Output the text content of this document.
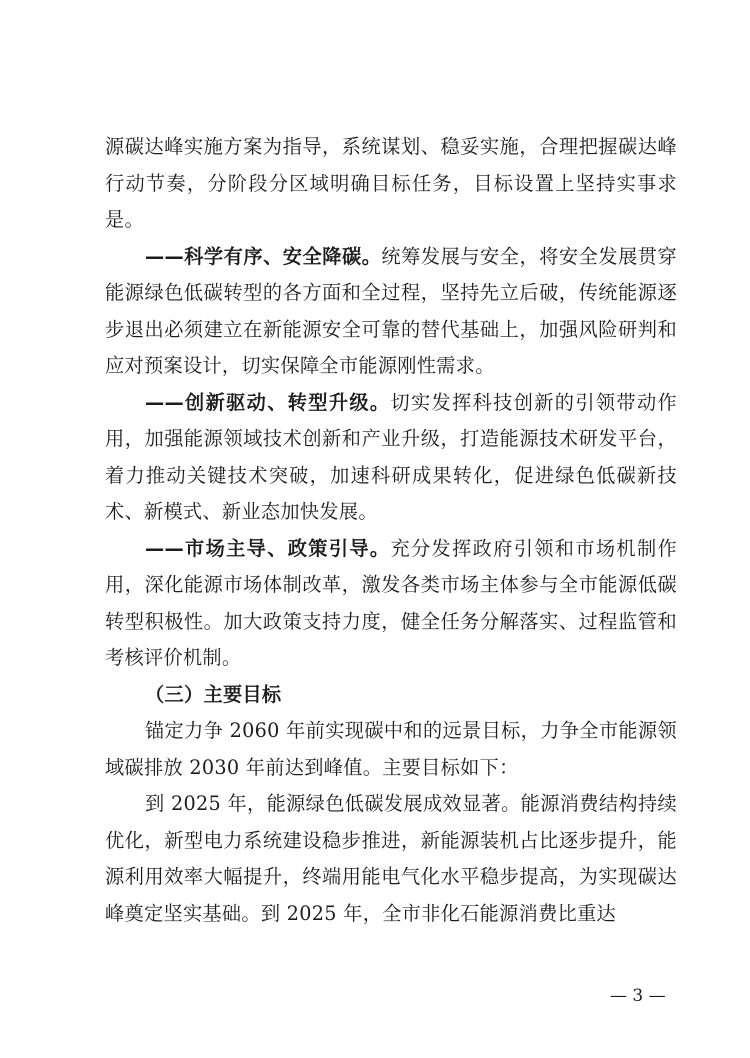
源碳达峰实施方案为指导，系统谋划、稳妥实施，合理把握碳达峰行动节奏，分阶段分区域明确目标任务，目标设置上坚持实事求是。

——科学有序、安全降碳。统筹发展与安全，将安全发展贯穿能源绿色低碳转型的各方面和全过程，坚持先立后破，传统能源逐步退出必须建立在新能源安全可靠的替代基础上，加强风险研判和应对预案设计，切实保障全市能源刚性需求。

——创新驱动、转型升级。切实发挥科技创新的引领带动作用，加强能源领域技术创新和产业升级，打造能源技术研发平台，着力推动关键技术突破，加速科研成果转化，促进绿色低碳新技术、新模式、新业态加快发展。

——市场主导、政策引导。充分发挥政府引领和市场机制作用，深化能源市场体制改革，激发各类市场主体参与全市能源低碳转型积极性。加大政策支持力度，健全任务分解落实、过程监管和考核评价机制。

（三）主要目标

锚定力争 2060 年前实现碳中和的远景目标，力争全市能源领域碳排放 2030 年前达到峰值。主要目标如下：

到 2025 年，能源绿色低碳发展成效显著。能源消费结构持续优化，新型电力系统建设稳步推进，新能源装机占比逐步提升，能源利用效率大幅提升，终端用能电气化水平稳步提高，为实现碳达峰奠定坚实基础。到 2025 年，全市非化石能源消费比重达

— 3 —
